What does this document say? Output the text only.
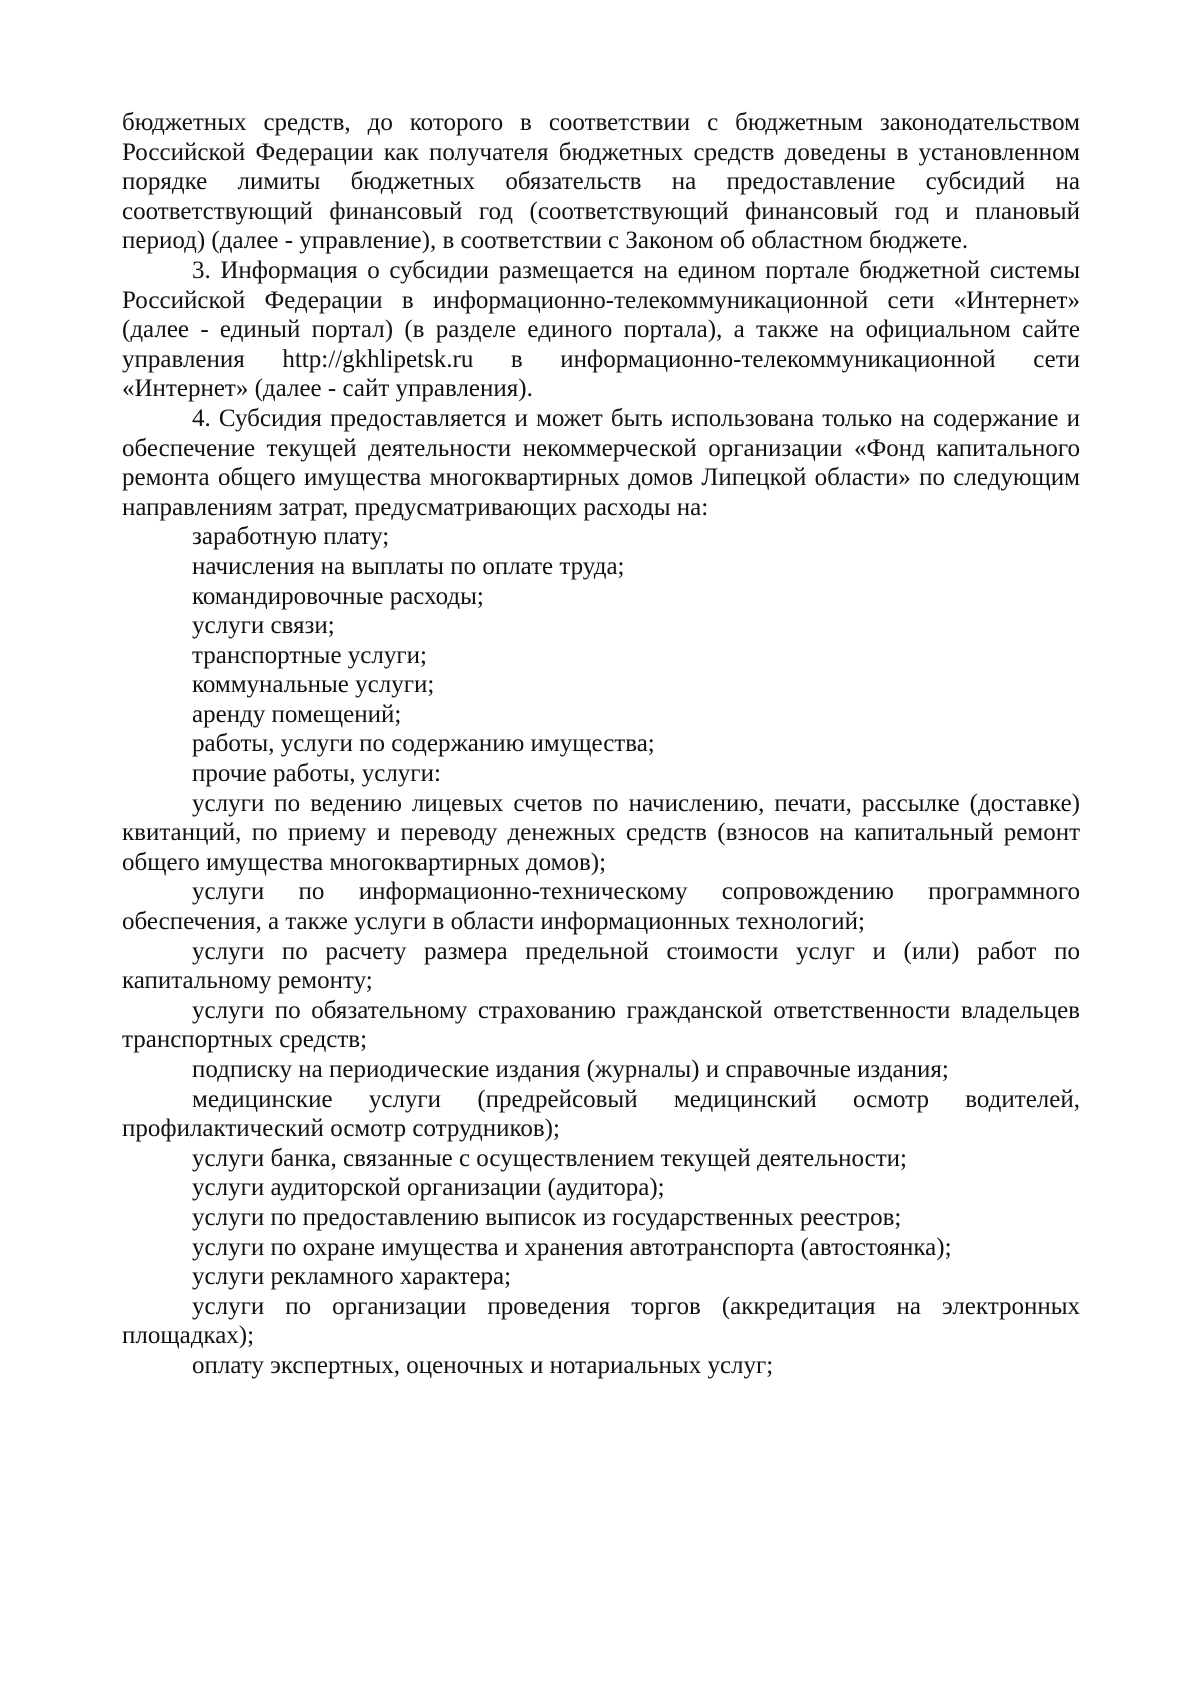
бюджетных средств, до которого в соответствии с бюджетным законодательством Российской Федерации как получателя бюджетных средств доведены в установленном порядке лимиты бюджетных обязательств на предоставление субсидий на соответствующий финансовый год (соответствующий финансовый год и плановый период) (далее - управление), в соответствии с Законом об областном бюджете.

3. Информация о субсидии размещается на едином портале бюджетной системы Российской Федерации в информационно-телекоммуникационной сети «Интернет» (далее - единый портал) (в разделе единого портала), а также на официальном сайте управления http://gkhlipetsk.ru в информационно-телекоммуникационной сети «Интернет» (далее - сайт управления).

4. Субсидия предоставляется и может быть использована только на содержание и обеспечение текущей деятельности некоммерческой организации «Фонд капитального ремонта общего имущества многоквартирных домов Липецкой области» по следующим направлениям затрат, предусматривающих расходы на:

заработную плату;

начисления на выплаты по оплате труда;

командировочные расходы;

услуги связи;

транспортные услуги;

коммунальные услуги;

аренду помещений;

работы, услуги по содержанию имущества;

прочие работы, услуги:

услуги по ведению лицевых счетов по начислению, печати, рассылке (доставке) квитанций, по приему и переводу денежных средств (взносов на капитальный ремонт общего имущества многоквартирных домов);

услуги по информационно-техническому сопровождению программного обеспечения, а также услуги в области информационных технологий;

услуги по расчету размера предельной стоимости услуг и (или) работ по капитальному ремонту;

услуги по обязательному страхованию гражданской ответственности владельцев транспортных средств;

подписку на периодические издания (журналы) и справочные издания;

медицинские услуги (предрейсовый медицинский осмотр водителей, профилактический осмотр сотрудников);

услуги банка, связанные с осуществлением текущей деятельности;

услуги аудиторской организации (аудитора);

услуги по предоставлению выписок из государственных реестров;

услуги по охране имущества и хранения автотранспорта (автостоянка);

услуги рекламного характера;

услуги по организации проведения торгов (аккредитация на электронных площадках);

оплату экспертных, оценочных и нотариальных услуг;
